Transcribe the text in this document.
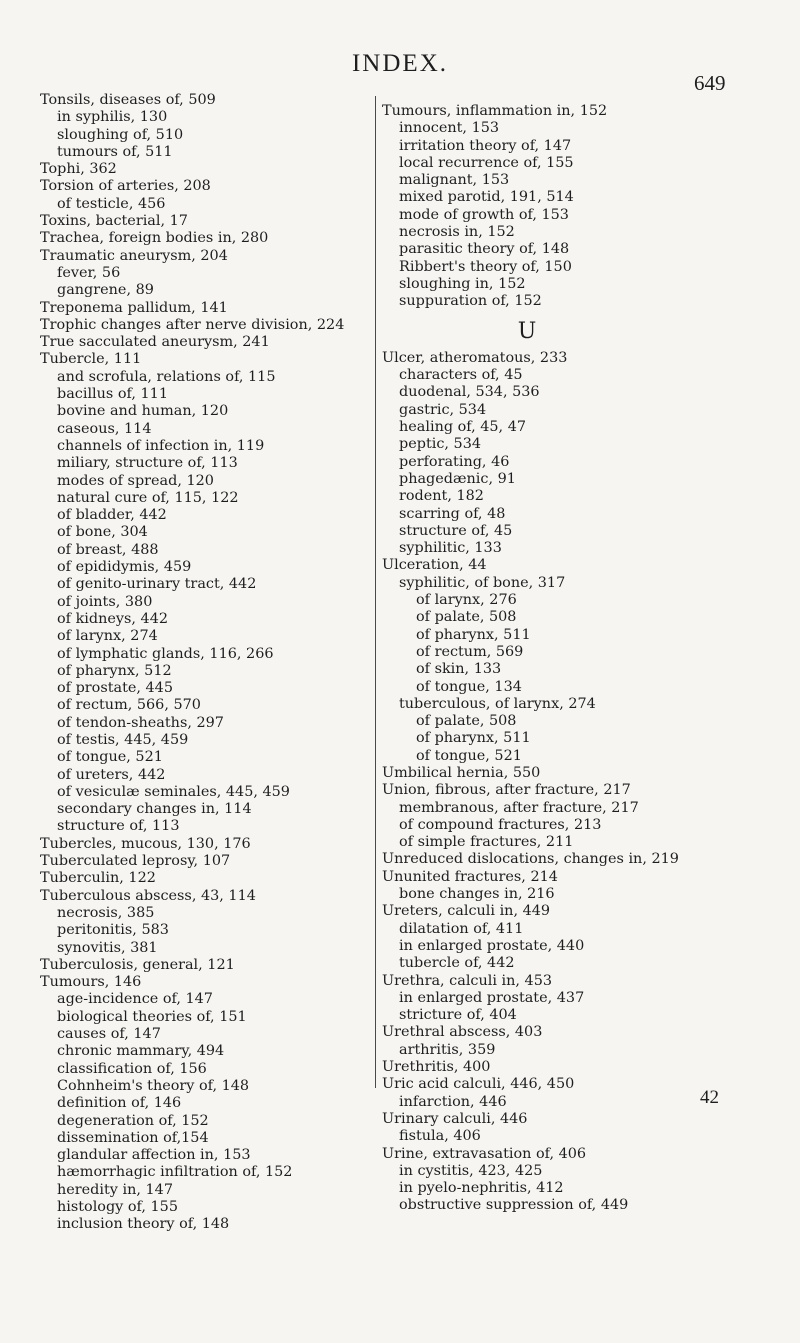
INDEX.
649
Tonsils, diseases of, 509
in syphilis, 130
sloughing of, 510
tumours of, 511
Tophi, 362
Torsion of arteries, 208
of testicle, 456
Toxins, bacterial, 17
Trachea, foreign bodies in, 280
Traumatic aneurysm, 204
fever, 56
gangrene, 89
Treponema pallidum, 141
Trophic changes after nerve division, 224
True sacculated aneurysm, 241
Tubercle, 111
and scrofula, relations of, 115
bacillus of, 111
bovine and human, 120
caseous, 114
channels of infection in, 119
miliary, structure of, 113
modes of spread, 120
natural cure of, 115, 122
of bladder, 442
of bone, 304
of breast, 488
of epididymis, 459
of genito-urinary tract, 442
of joints, 380
of kidneys, 442
of larynx, 274
of lymphatic glands, 116, 266
of pharynx, 512
of prostate, 445
of rectum, 566, 570
of tendon-sheaths, 297
of testis, 445, 459
of tongue, 521
of ureters, 442
of vesiculæ seminales, 445, 459
secondary changes in, 114
structure of, 113
Tubercles, mucous, 130, 176
Tuberculated leprosy, 107
Tuberculin, 122
Tuberculous abscess, 43, 114
necrosis, 385
peritonitis, 583
synovitis, 381
Tuberculosis, general, 121
Tumours, 146
age-incidence of, 147
biological theories of, 151
causes of, 147
chronic mammary, 494
classification of, 156
Cohnheim's theory of, 148
definition of, 146
degeneration of, 152
dissemination of,154
glandular affection in, 153
hæmorrhagic infiltration of, 152
heredity in, 147
histology of, 155
inclusion theory of, 148
Tumours, inflammation in, 152
innocent, 153
irritation theory of, 147
local recurrence of, 155
malignant, 153
mixed parotid, 191, 514
mode of growth of, 153
necrosis in, 152
parasitic theory of, 148
Ribbert's theory of, 150
sloughing in, 152
suppuration of, 152
U
Ulcer, atheromatous, 233
characters of, 45
duodenal, 534, 536
gastric, 534
healing of, 45, 47
peptic, 534
perforating, 46
phagedænic, 91
rodent, 182
scarring of, 48
structure of, 45
syphilitic, 133
Ulceration, 44
syphilitic, of bone, 317
of larynx, 276
of palate, 508
of pharynx, 511
of rectum, 569
of skin, 133
of tongue, 134
tuberculous, of larynx, 274
of palate, 508
of pharynx, 511
of tongue, 521
Umbilical hernia, 550
Union, fibrous, after fracture, 217
membranous, after fracture, 217
of compound fractures, 213
of simple fractures, 211
Unreduced dislocations, changes in, 219
Ununited fractures, 214
bone changes in, 216
Ureters, calculi in, 449
dilatation of, 411
in enlarged prostate, 440
tubercle of, 442
Urethra, calculi in, 453
in enlarged prostate, 437
stricture of, 404
Urethral abscess, 403
arthritis, 359
Urethritis, 400
Uric acid calculi, 446, 450
infarction, 446
Urinary calculi, 446
fistula, 406
Urine, extravasation of, 406
in cystitis, 423, 425
in pyelo-nephritis, 412
obstructive suppression of, 449
42
